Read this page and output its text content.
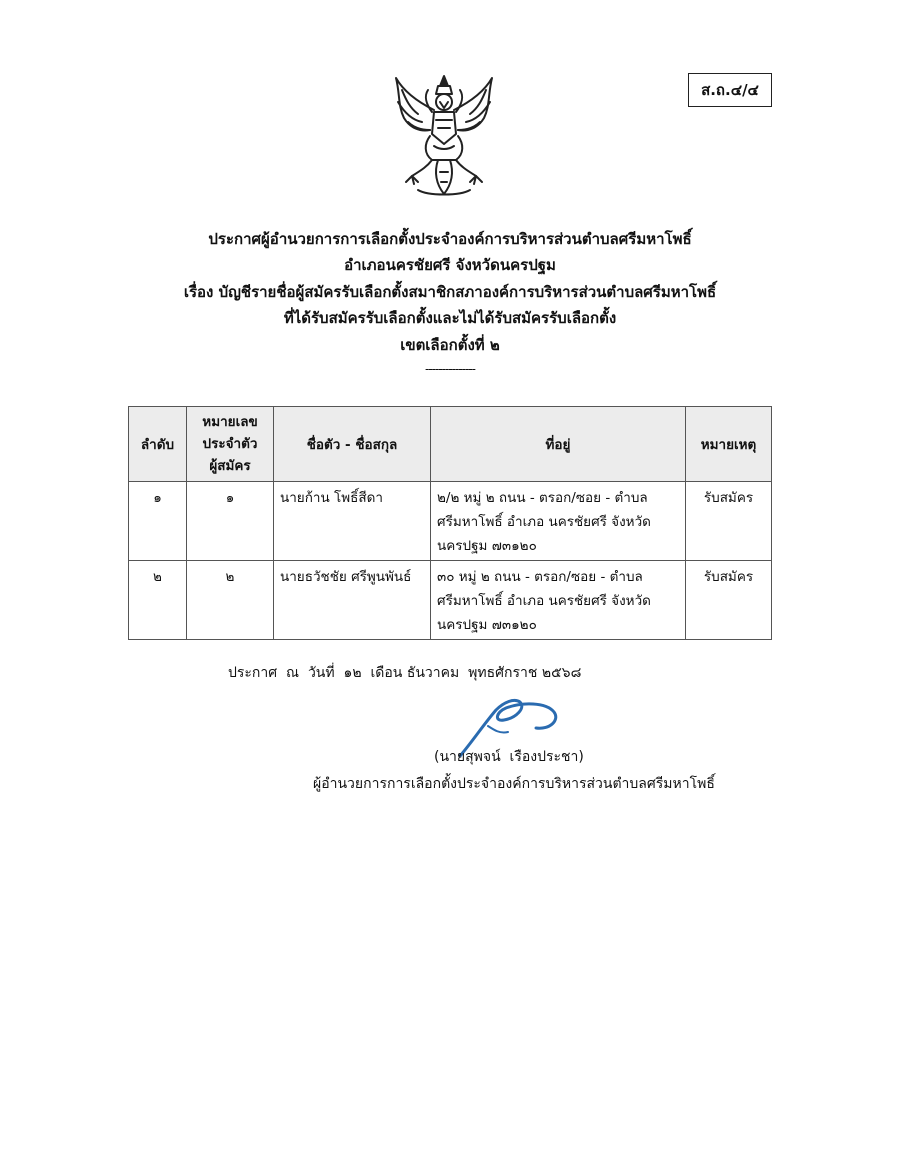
ส.ถ.๔/๔
ประกาศผู้อำนวยการการเลือกตั้งประจำองค์การบริหารส่วนตำบลศรีมหาโพธิ์
อำเภอนครชัยศรี จังหวัดนครปฐม
เรื่อง บัญชีรายชื่อผู้สมัครรับเลือกตั้งสมาชิกสภาองค์การบริหารส่วนตำบลศรีมหาโพธิ์
ที่ได้รับสมัครรับเลือกตั้งและไม่ได้รับสมัครรับเลือกตั้ง
เขตเลือกตั้งที่ ๒
---------------
ลำดับ	หมายเลข
ประจำตัว
ผู้สมัคร	ชื่อตัว - ชื่อสกุล	ที่อยู่	หมายเหตุ
๑	๑	นายก้าน โพธิ์สีดา	๒/๒ หมู่ ๒ ถนน - ตรอก/ซอย - ตำบล
ศรีมหาโพธิ์ อำเภอ นครชัยศรี จังหวัด
นครปฐม ๗๓๑๒๐	รับสมัคร
๒	๒	นายธวัชชัย ศรีพูนพันธ์	๓๐ หมู่ ๒ ถนน - ตรอก/ซอย - ตำบล
ศรีมหาโพธิ์ อำเภอ นครชัยศรี จังหวัด
นครปฐม ๗๓๑๒๐	รับสมัคร
ประกาศ  ณ  วันที่  ๑๒  เดือน ธันวาคม  พุทธศักราช ๒๕๖๘
(นายสุพจน์  เรืองประชา)
ผู้อำนวยการการเลือกตั้งประจำองค์การบริหารส่วนตำบลศรีมหาโพธิ์
